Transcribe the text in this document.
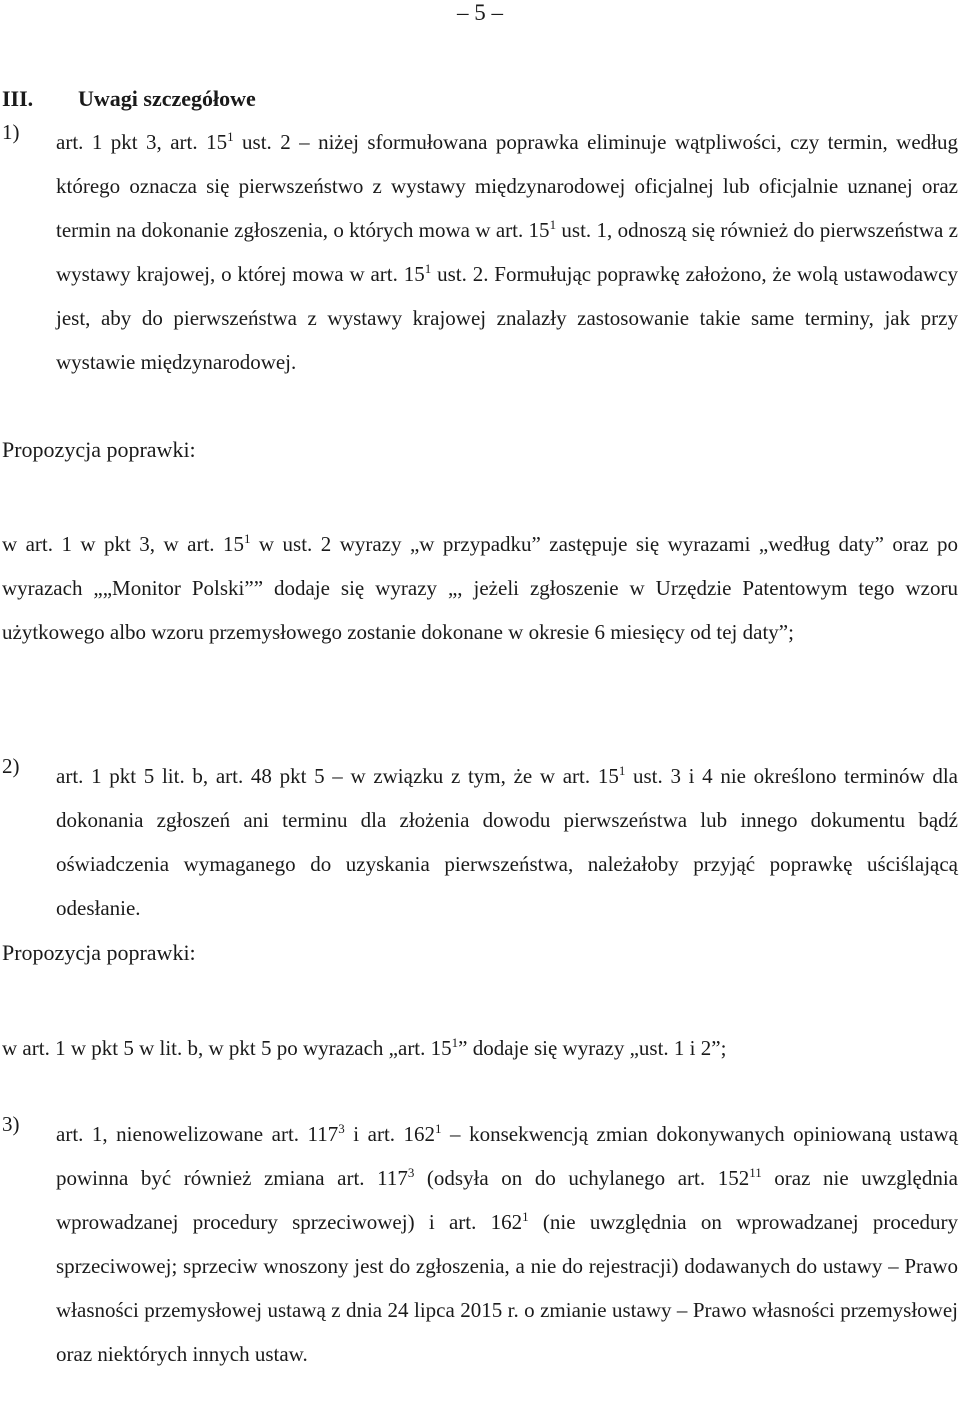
– 5 –
III. Uwagi szczegółowe
1) art. 1 pkt 3, art. $15^1$ ust. 2 – niżej sformułowana poprawka eliminuje wątpliwości, czy termin, według którego oznacza się pierwszeństwo z wystawy międzynarodowej oficjalnej lub oficjalnie uznanej oraz termin na dokonanie zgłoszenia, o których mowa w art. $15^1$ ust. 1, odnoszą się również do pierwszeństwa z wystawy krajowej, o której mowa w art. $15^1$ ust. 2. Formułując poprawkę założono, że wolą ustawodawcy jest, aby do pierwszeństwa z wystawy krajowej znalazły zastosowanie takie same terminy, jak przy wystawie międzynarodowej.
Propozycja poprawki:
w art. 1 w pkt 3, w art. $15^1$ w ust. 2 wyrazy „w przypadku” zastępuje się wyrazami „według daty” oraz po wyrazach „„Monitor Polski”” dodaje się wyrazy „, jeżeli zgłoszenie w Urzędzie Patentowym tego wzoru użytkowego albo wzoru przemysłowego zostanie dokonane w okresie 6 miesięcy od tej daty”;
2) art. 1 pkt 5 lit. b, art. 48 pkt 5 – w związku z tym, że w art. $15^1$ ust. 3 i 4 nie określono terminów dla dokonania zgłoszeń ani terminu dla złożenia dowodu pierwszeństwa lub innego dokumentu bądź oświadczenia wymaganego do uzyskania pierwszeństwa, należałoby przyjąć poprawkę uściślającą odesłanie.
Propozycja poprawki:
w art. 1 w pkt 5 w lit. b, w pkt 5 po wyrazach „art. $15^1$” dodaje się wyrazy „ust. 1 i 2”;
3) art. 1, nienowelizowane art. $117^3$ i art. $162^1$ – konsekwencją zmian dokonywanych opiniowaną ustawą powinna być również zmiana art. $117^3$ (odsyła on do uchylanego art. $152^{11}$ oraz nie uwzględnia wprowadzanej procedury sprzeciwowej) i art. $162^1$ (nie uwzględnia on wprowadzanej procedury sprzeciwowej; sprzeciw wnoszony jest do zgłoszenia, a nie do rejestracji) dodawanych do ustawy – Prawo własności przemysłowej ustawą z dnia 24 lipca 2015 r. o zmianie ustawy – Prawo własności przemysłowej oraz niektórych innych ustaw.
